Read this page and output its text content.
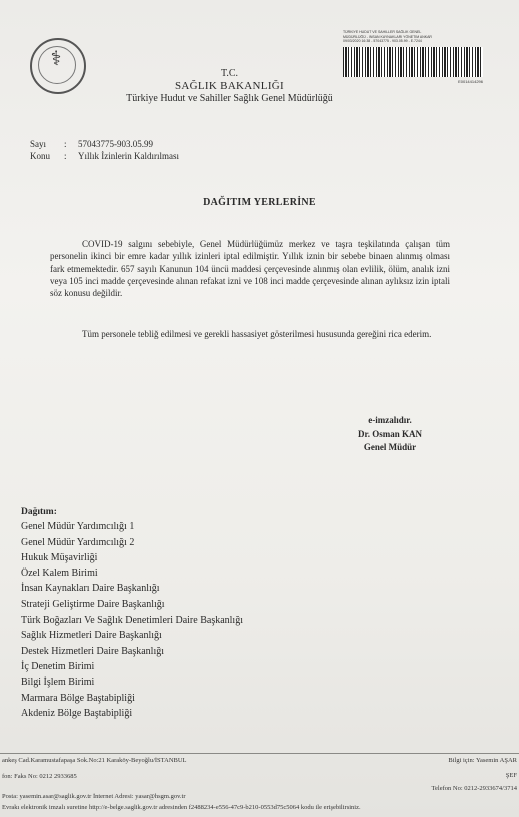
⚕
TÜRKİYE HUDUT VE SAHİLLER SAĞLIK GENEL
MÜDÜRLÜĞÜ - İNSAN KAYNAKLARI YÖNETİM ANKAR
09/03/2020 16:38 - 57043775 - 903.05.99 - E.7244
E0014414296
T.C.
SAĞLIK BAKANLIĞI
Türkiye Hudut ve Sahiller Sağlık Genel Müdürlüğü
Sayı : 57043775-903.05.99
Konu : Yıllık İzinlerin Kaldırılması
DAĞITIM YERLERİNE
COVID-19 salgını sebebiyle, Genel Müdürlüğümüz merkez ve taşra teşkilatında çalışan tüm personelin ikinci bir emre kadar yıllık izinleri iptal edilmiştir. Yıllık iznin bir sebebe binaen alınmış olması fark etmemektedir. 657 sayılı Kanunun 104 üncü maddesi çerçevesinde alınmış olan evlilik, ölüm, analık izni veya 105 inci madde çerçevesinde alınan refakat izni ve 108 inci madde çerçevesinde alınan aylıksız izin iptali söz konusu değildir.
Tüm personele tebliğ edilmesi ve gerekli hassasiyet gösterilmesi hususunda gereğini rica ederim.
e-imzalıdır.
Dr. Osman KAN
Genel Müdür
Dağıtım:
Genel Müdür Yardımcılığı 1
Genel Müdür Yardımcılığı 2
Hukuk Müşavirliği
Özel Kalem Birimi
İnsan Kaynakları Daire Başkanlığı
Strateji Geliştirme Daire Başkanlığı
Türk Boğazları Ve Sağlık Denetimleri Daire Başkanlığı
Sağlık Hizmetleri Daire Başkanlığı
Destek Hizmetleri Daire Başkanlığı
İç Denetim Birimi
Bilgi İşlem Birimi
Marmara Bölge Baştabipliği
Akdeniz Bölge Baştabipliği
ankeş Cad.Karamustafapaşa Sok.No:21 Karaköy-Beyoğlu/İSTANBUL
fon: Faks No: 0212 2933685
Posta: yasemin.asar@saglik.gov.tr İnternet Adresi: yasar@hsgm.gov.tr
Evrakı elektronik imzalı suretine http://e-belge.saglik.gov.tr adresinden f2488234-e556-47c9-b210-0553d75c5064 kodu ile erişebilirsiniz.
Bilgi için: Yasemin AŞAR
ŞEF
Telefon No: 0212-2933674/3714
